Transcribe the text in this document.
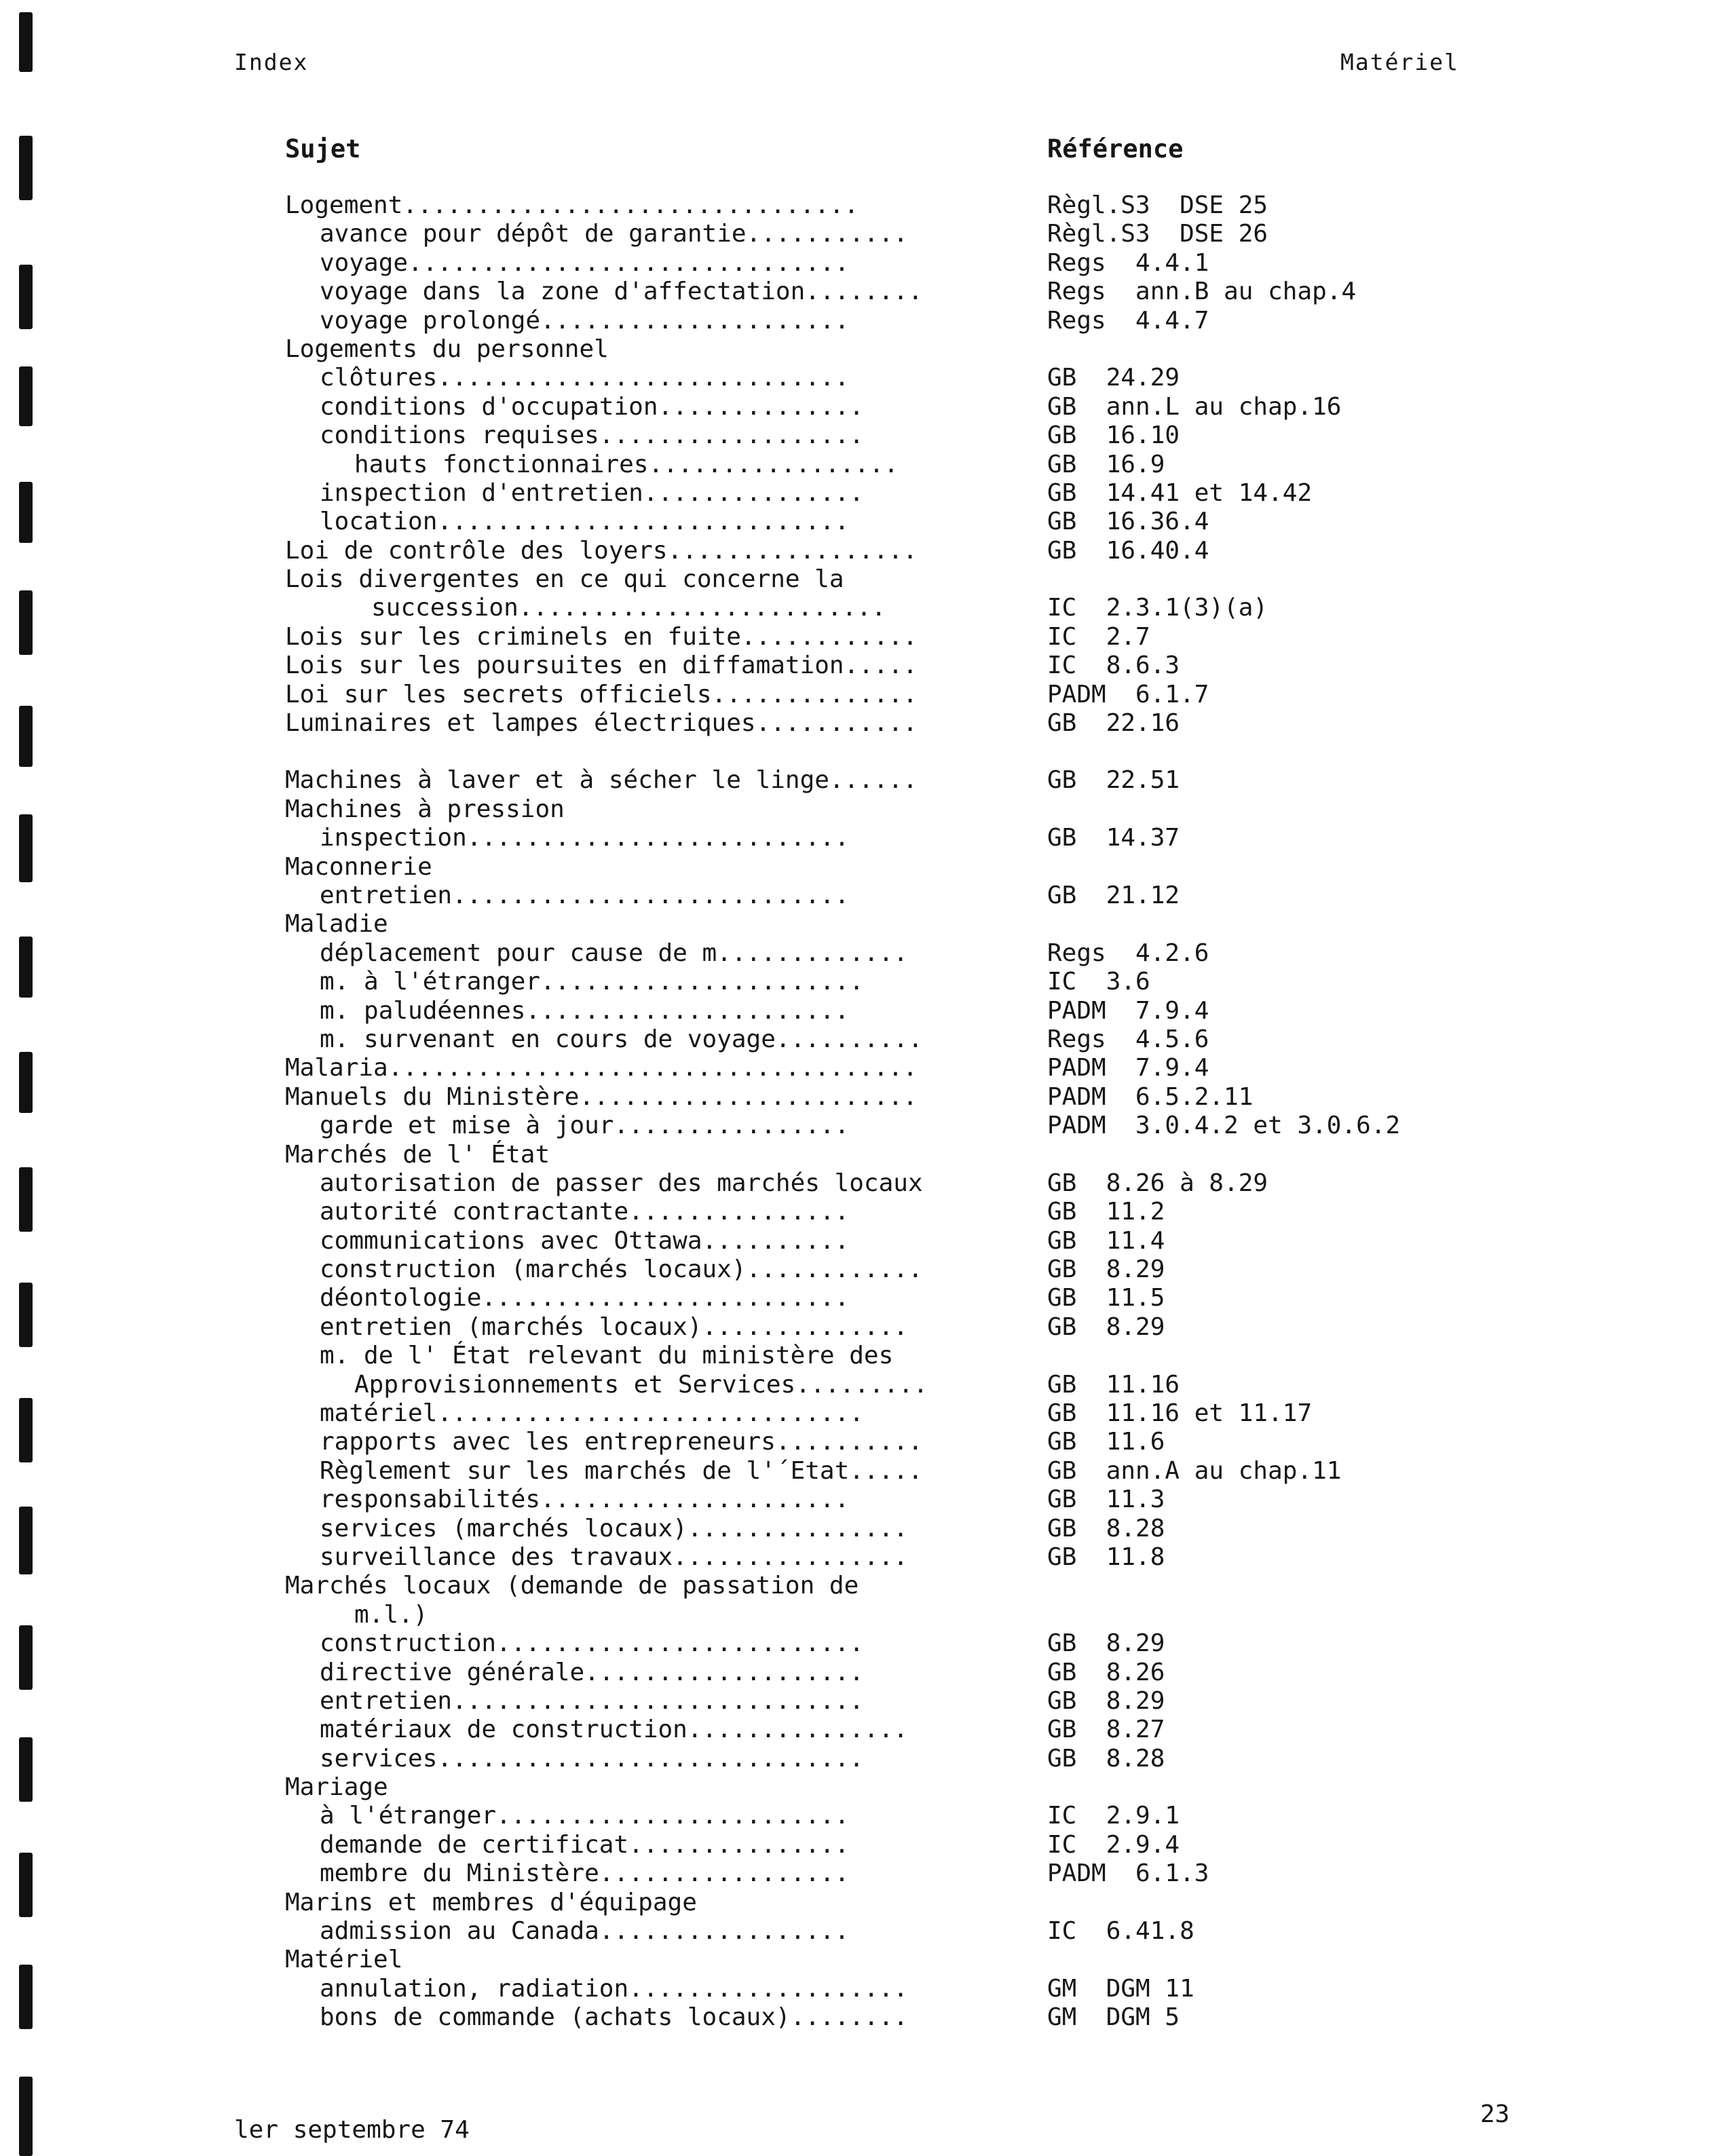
Index	Matériel
Sujet	Référence
Logement...............................	Règl.S3  DSE 25
avance pour dépôt de garantie...........	Règl.S3  DSE 26
voyage..............................	Regs  4.4.1
voyage dans la zone d'affectation........	Regs  ann.B au chap.4
voyage prolongé.....................	Regs  4.4.7
Logements du personnel
clôtures............................	GB  24.29
conditions d'occupation..............	GB  ann.L au chap.16
conditions requises..................	GB  16.10
hauts fonctionnaires.................	GB  16.9
inspection d'entretien...............	GB  14.41 et 14.42
location............................	GB  16.36.4
Loi de contrôle des loyers.................	GB  16.40.4
Lois divergentes en ce qui concerne la
succession.........................	IC  2.3.1(3)(a)
Lois sur les criminels en fuite............	IC  2.7
Lois sur les poursuites en diffamation.....	IC  8.6.3
Loi sur les secrets officiels..............	PADM  6.1.7
Luminaires et lampes électriques...........	GB  22.16
Machines à laver et à sécher le linge......	GB  22.51
Machines à pression
inspection..........................	GB  14.37
Maconnerie
entretien...........................	GB  21.12
Maladie
déplacement pour cause de m.............	Regs  4.2.6
m. à l'étranger......................	IC  3.6
m. paludéennes......................	PADM  7.9.4
m. survenant en cours de voyage..........	Regs  4.5.6
Malaria....................................	PADM  7.9.4
Manuels du Ministère.......................	PADM  6.5.2.11
garde et mise à jour................	PADM  3.0.4.2 et 3.0.6.2
Marchés de l' État
autorisation de passer des marchés locaux	GB  8.26 à 8.29
autorité contractante...............	GB  11.2
communications avec Ottawa..........	GB  11.4
construction (marchés locaux)............	GB  8.29
déontologie.........................	GB  11.5
entretien (marchés locaux)..............	GB  8.29
m. de l' État relevant du ministère des
Approvisionnements et Services.........	GB  11.16
matériel.............................	GB  11.16 et 11.17
rapports avec les entrepreneurs..........	GB  11.6
Règlement sur les marchés de l'´Etat.....	GB  ann.A au chap.11
responsabilités.....................	GB  11.3
services (marchés locaux)...............	GB  8.28
surveillance des travaux................	GB  11.8
Marchés locaux (demande de passation de
m.l.)
construction.........................	GB  8.29
directive générale...................	GB  8.26
entretien............................	GB  8.29
matériaux de construction...............	GB  8.27
services.............................	GB  8.28
Mariage
à l'étranger........................	IC  2.9.1
demande de certificat...............	IC  2.9.4
membre du Ministère.................	PADM  6.1.3
Marins et membres d'équipage
admission au Canada.................	IC  6.41.8
Matériel
annulation, radiation...................	GM  DGM 11
bons de commande (achats locaux)........	GM  DGM 5
ler septembre 74
23
